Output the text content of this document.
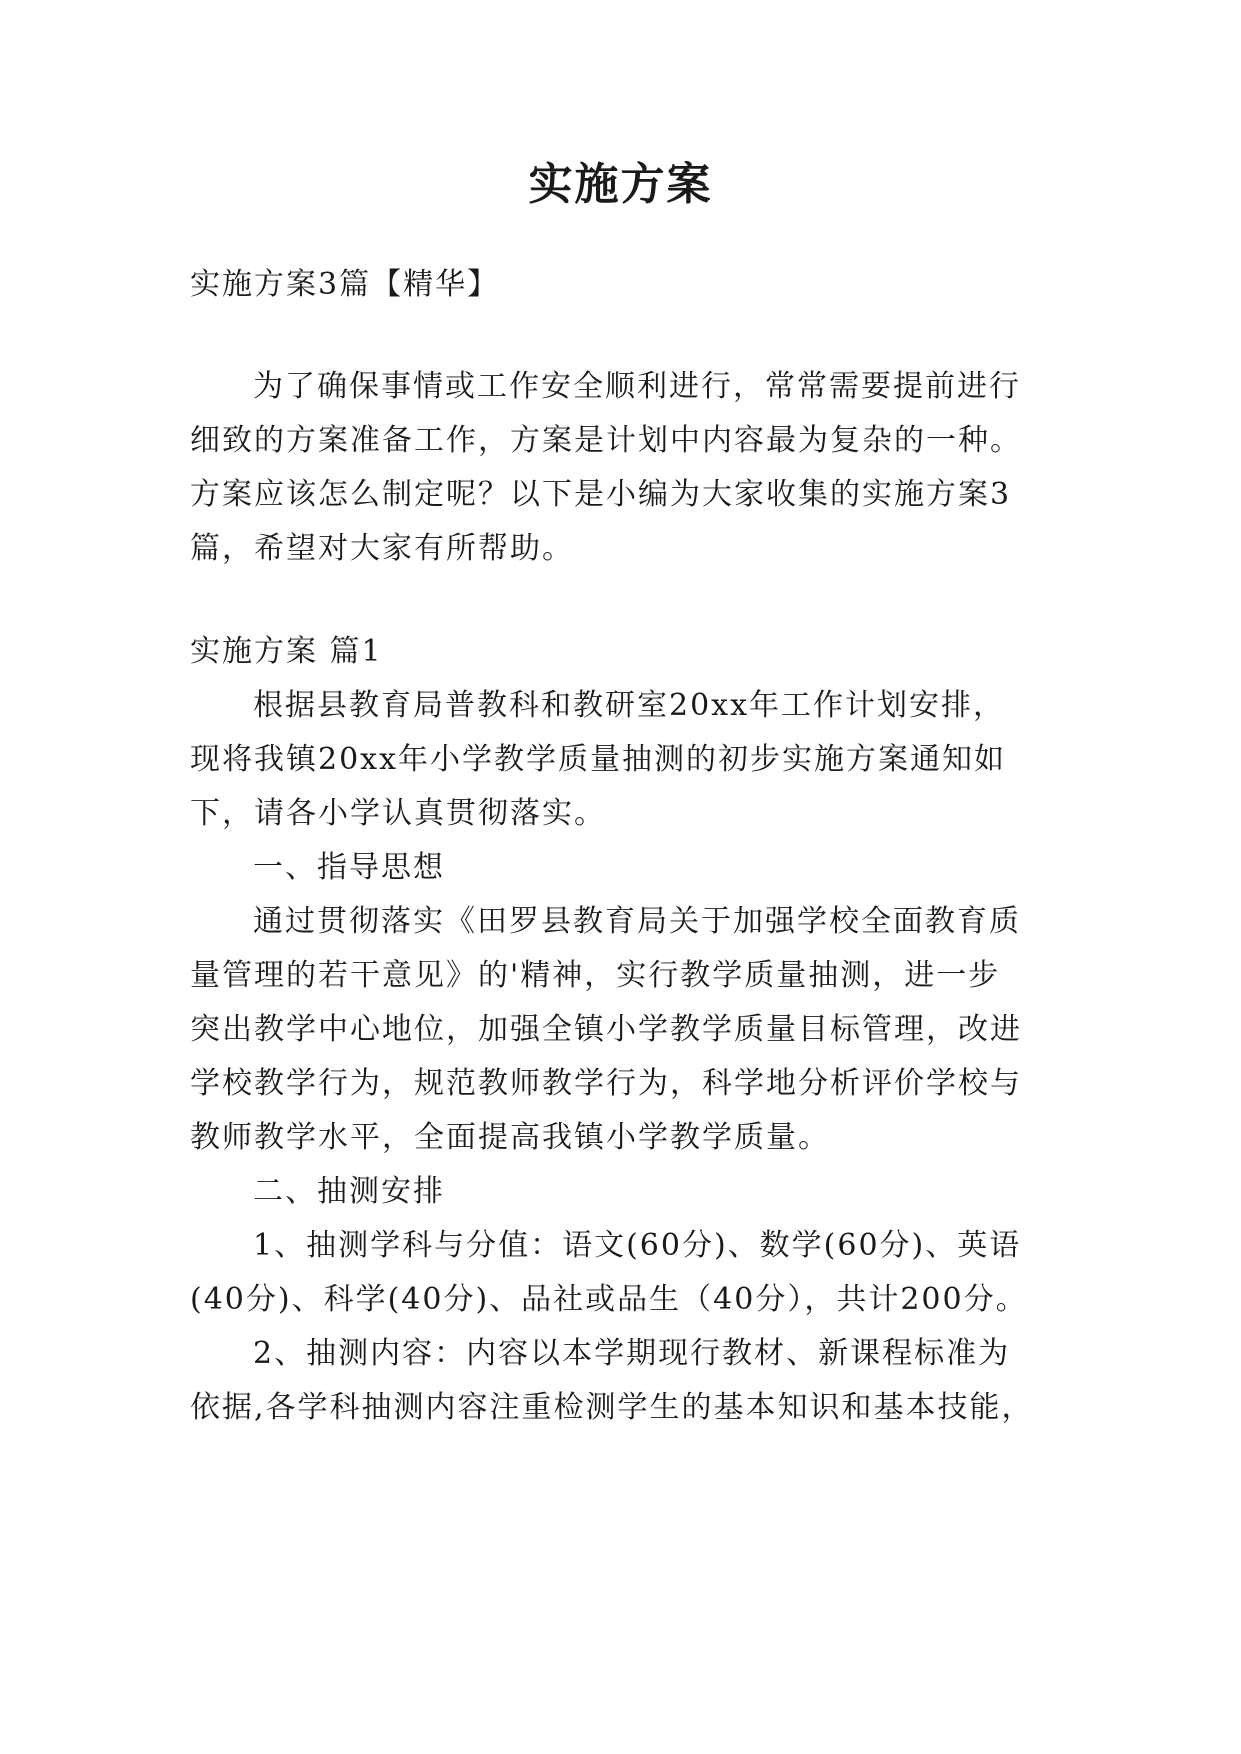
实施方案
实施方案3篇【精华】
为了确保事情或工作安全顺利进行，常常需要提前进行
细致的方案准备工作，方案是计划中内容最为复杂的一种。
方案应该怎么制定呢？以下是小编为大家收集的实施方案3
篇，希望对大家有所帮助。
实施方案 篇1
根据县教育局普教科和教研室20xx年工作计划安排，
现将我镇20xx年小学教学质量抽测的初步实施方案通知如
下，请各小学认真贯彻落实。
一、指导思想
通过贯彻落实《田罗县教育局关于加强学校全面教育质
量管理的若干意见》的'精神，实行教学质量抽测，进一步
突出教学中心地位，加强全镇小学教学质量目标管理，改进
学校教学行为，规范教师教学行为，科学地分析评价学校与
教师教学水平，全面提高我镇小学教学质量。
二、抽测安排
1、抽测学科与分值：语文(60分)、数学(60分)、英语
(40分)、科学(40分)、品社或品生（40分），共计200分。
2、抽测内容：内容以本学期现行教材、新课程标准为
依据,各学科抽测内容注重检测学生的基本知识和基本技能，
